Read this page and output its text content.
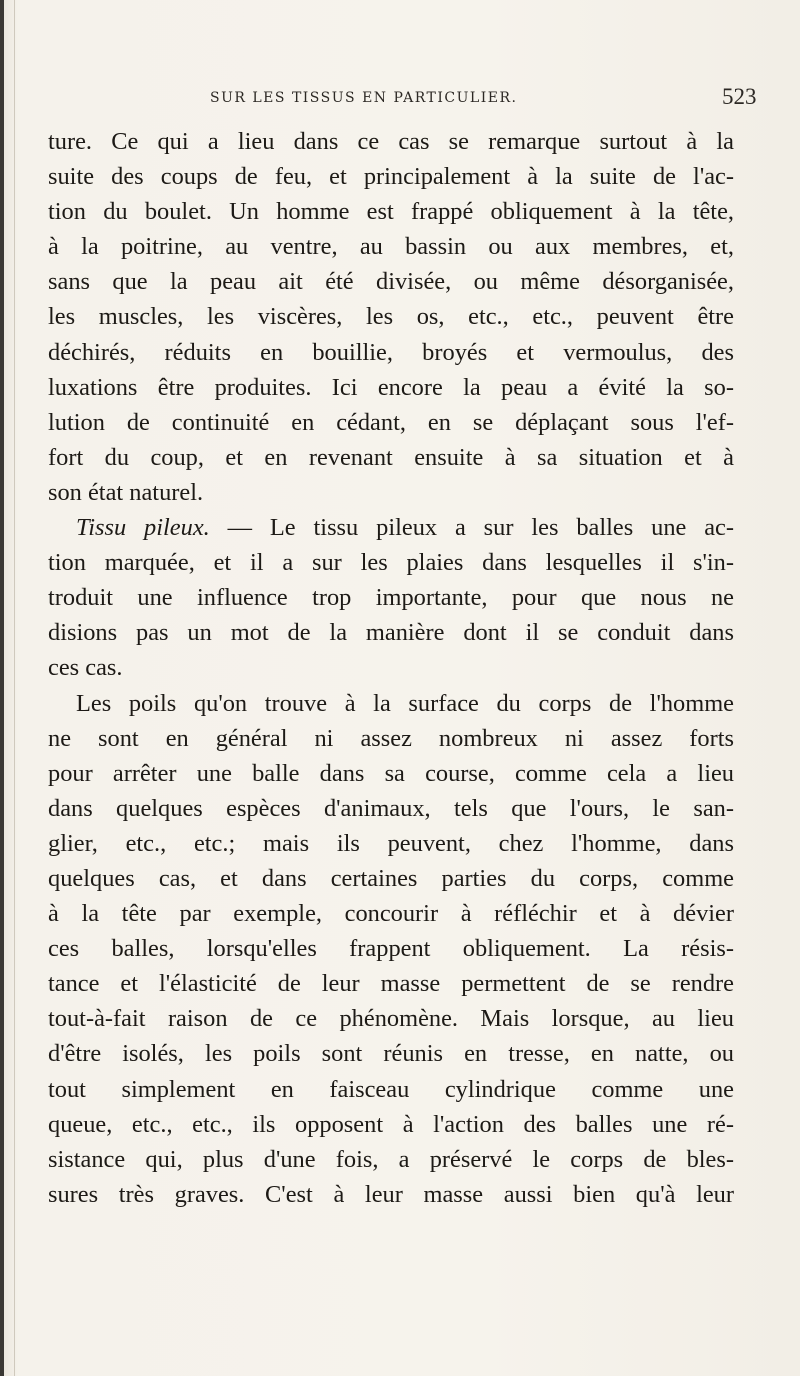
SUR LES TISSUS EN PARTICULIER.	523
ture. Ce qui a lieu dans ce cas se remarque surtout à la
suite des coups de feu, et principalement à la suite de l'ac-
tion du boulet. Un homme est frappé obliquement à la tête,
à la poitrine, au ventre, au bassin ou aux membres, et,
sans que la peau ait été divisée, ou même désorganisée,
les muscles, les viscères, les os, etc., etc., peuvent être
déchirés, réduits en bouillie, broyés et vermoulus, des
luxations être produites. Ici encore la peau a évité la so-
lution de continuité en cédant, en se déplaçant sous l'ef-
fort du coup, et en revenant ensuite à sa situation et à
son état naturel.
Tissu pileux. — Le tissu pileux a sur les balles une ac-
tion marquée, et il a sur les plaies dans lesquelles il s'in-
troduit une influence trop importante, pour que nous ne
disions pas un mot de la manière dont il se conduit dans
ces cas.
Les poils qu'on trouve à la surface du corps de l'homme
ne sont en général ni assez nombreux ni assez forts
pour arrêter une balle dans sa course, comme cela a lieu
dans quelques espèces d'animaux, tels que l'ours, le san-
glier, etc., etc.; mais ils peuvent, chez l'homme, dans
quelques cas, et dans certaines parties du corps, comme
à la tête par exemple, concourir à réfléchir et à dévier
ces balles, lorsqu'elles frappent obliquement. La résis-
tance et l'élasticité de leur masse permettent de se rendre
tout-à-fait raison de ce phénomène. Mais lorsque, au lieu
d'être isolés, les poils sont réunis en tresse, en natte, ou
tout simplement en faisceau cylindrique comme une
queue, etc., etc., ils opposent à l'action des balles une ré-
sistance qui, plus d'une fois, a préservé le corps de bles-
sures très graves. C'est à leur masse aussi bien qu'à leur
